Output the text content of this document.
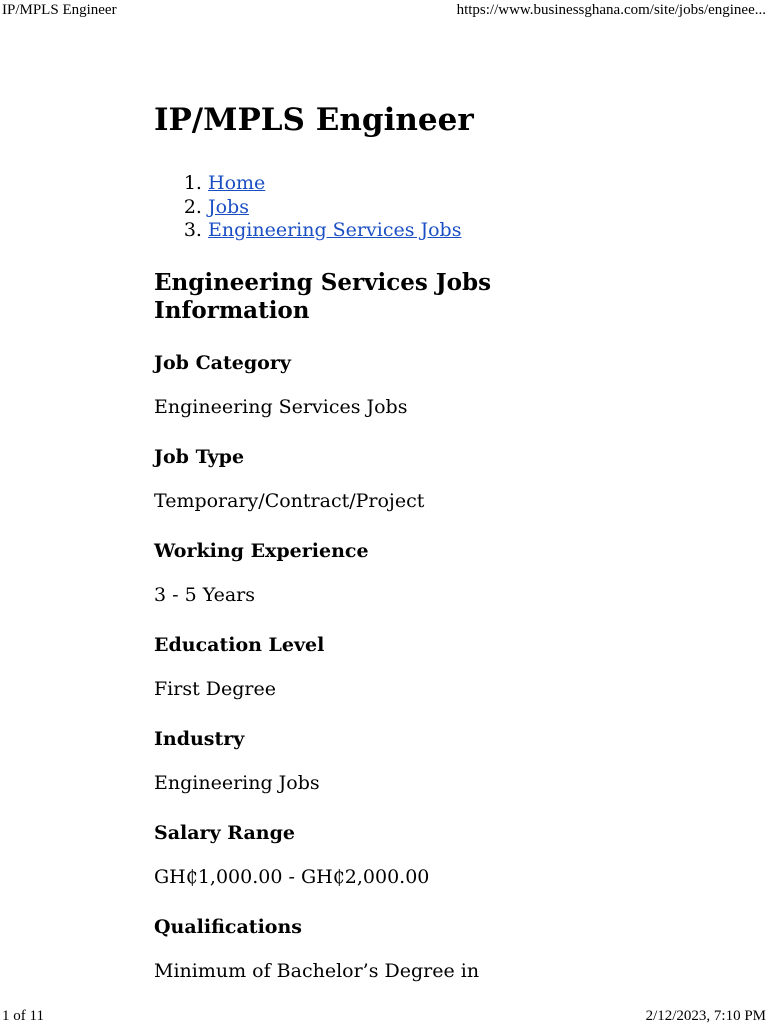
IP/MPLS Engineer	https://www.businessghana.com/site/jobs/enginee...
IP/MPLS Engineer
1. Home
2. Jobs
3. Engineering Services Jobs
Engineering Services Jobs Information
Job Category
Engineering Services Jobs
Job Type
Temporary/Contract/Project
Working Experience
3 - 5 Years
Education Level
First Degree
Industry
Engineering Jobs
Salary Range
GH₵1,000.00 - GH₵2,000.00
Qualifications
Minimum of Bachelor’s Degree in
1 of 11	2/12/2023, 7:10 PM
